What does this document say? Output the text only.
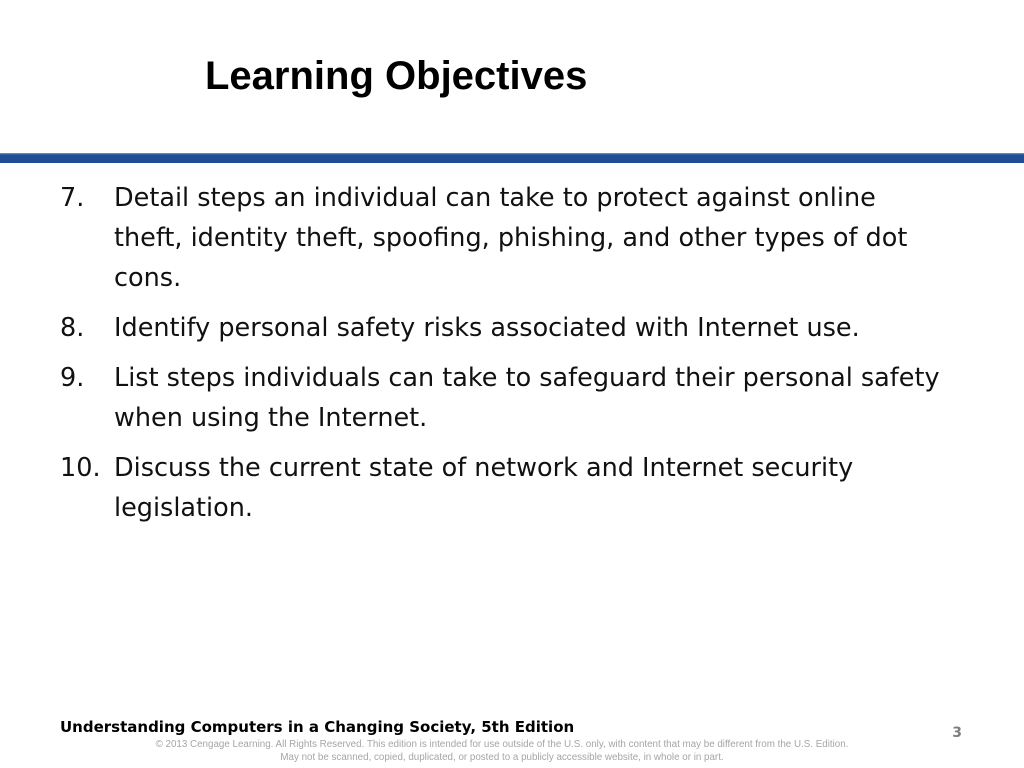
Learning Objectives
7.	Detail steps an individual can take to protect against online theft, identity theft, spoofing, phishing, and other types of dot cons.
8.	Identify personal safety risks associated with Internet use.
9.	List steps individuals can take to safeguard their personal safety when using the Internet.
10. Discuss the current state of network and Internet security legislation.
Understanding Computers in a Changing Society, 5th Edition	3
© 2013 Cengage Learning. All Rights Reserved. This edition is intended for use outside of the U.S. only, with content that may be different from the U.S. Edition.
May not be scanned, copied, duplicated, or posted to a publicly accessible website, in whole or in part.
